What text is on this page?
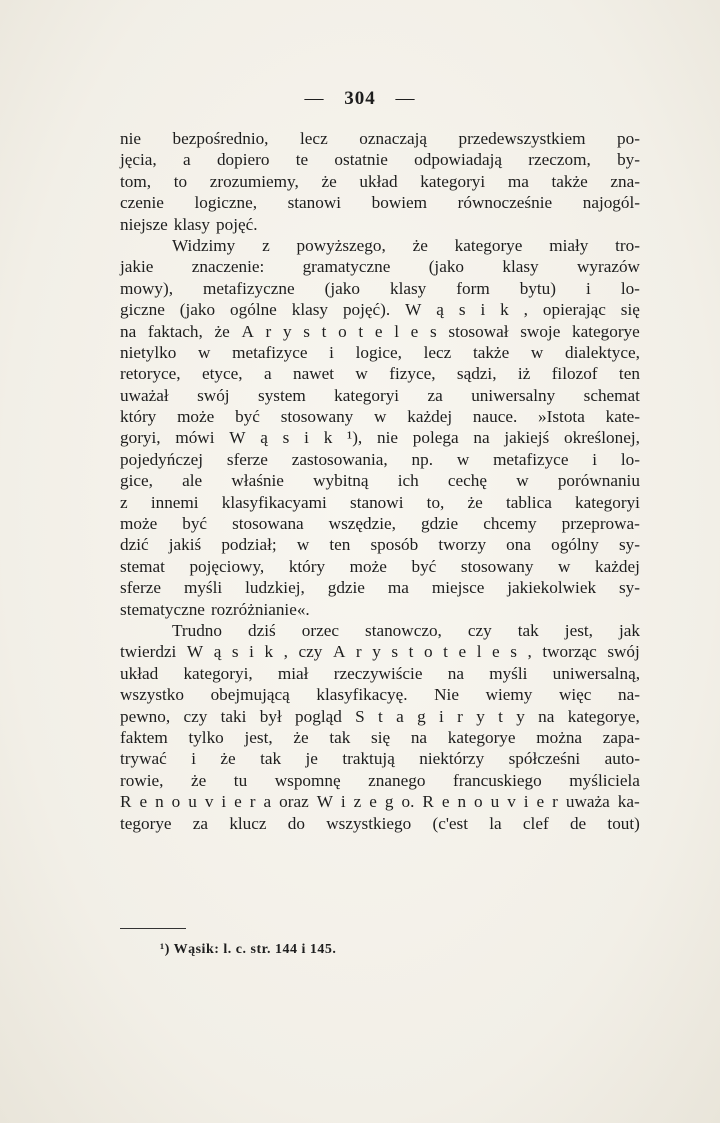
— 304 —
nie bezpośrednio, lecz oznaczają przedewszystkiem po-
jęcia, a dopiero te ostatnie odpowiadają rzeczom, by-
tom, to zrozumiemy, że układ kategoryi ma także zna-
czenie logiczne, stanowi bowiem równocześnie najogól-
niejsze klasy pojęć.
Widzimy z powyższego, że kategorye miały tro-
jakie znaczenie: gramatyczne (jako klasy wyrazów
mowy), metafizyczne (jako klasy form bytu) i lo-
giczne (jako ogólne klasy pojęć). W ą s i k , opierając się
na faktach, że A r y s t o t e l e s stosował swoje kategorye
nietylko w metafizyce i logice, lecz także w dialektyce,
retoryce, etyce, a nawet w fizyce, sądzi, iż filozof ten
uważał swój system kategoryi za uniwersalny schemat
który może być stosowany w każdej nauce. »Istota kate-
goryi, mówi W ą s i k ¹), nie polega na jakiejś określonej,
pojedyńczej sferze zastosowania, np. w metafizyce i lo-
gice, ale właśnie wybitną ich cechę w porównaniu
z innemi klasyfikacyami stanowi to, że tablica kategoryi
może być stosowana wszędzie, gdzie chcemy przeprowa-
dzić jakiś podział; w ten sposób tworzy ona ogólny sy-
stemat pojęciowy, który może być stosowany w każdej
sferze myśli ludzkiej, gdzie ma miejsce jakiekolwiek sy-
stematyczne rozróżnianie«.
Trudno dziś orzec stanowczo, czy tak jest, jak
twierdzi W ą s i k , czy A r y s t o t e l e s , tworząc swój
układ kategoryi, miał rzeczywiście na myśli uniwersalną,
wszystko obejmującą klasyfikacyę. Nie wiemy więc na-
pewno, czy taki był pogląd S t a g i r y t y na kategorye,
faktem tylko jest, że tak się na kategorye można zapa-
trywać i że tak je traktują niektórzy spółcześni auto-
rowie, że tu wspomnę znanego francuskiego myśliciela
R e n o u v i e r a oraz W i z e g o. R e n o u v i e r uważa ka-
tegorye za klucz do wszystkiego (c'est la clef de tout)
¹) Wąsik: l. c. str. 144 i 145.
